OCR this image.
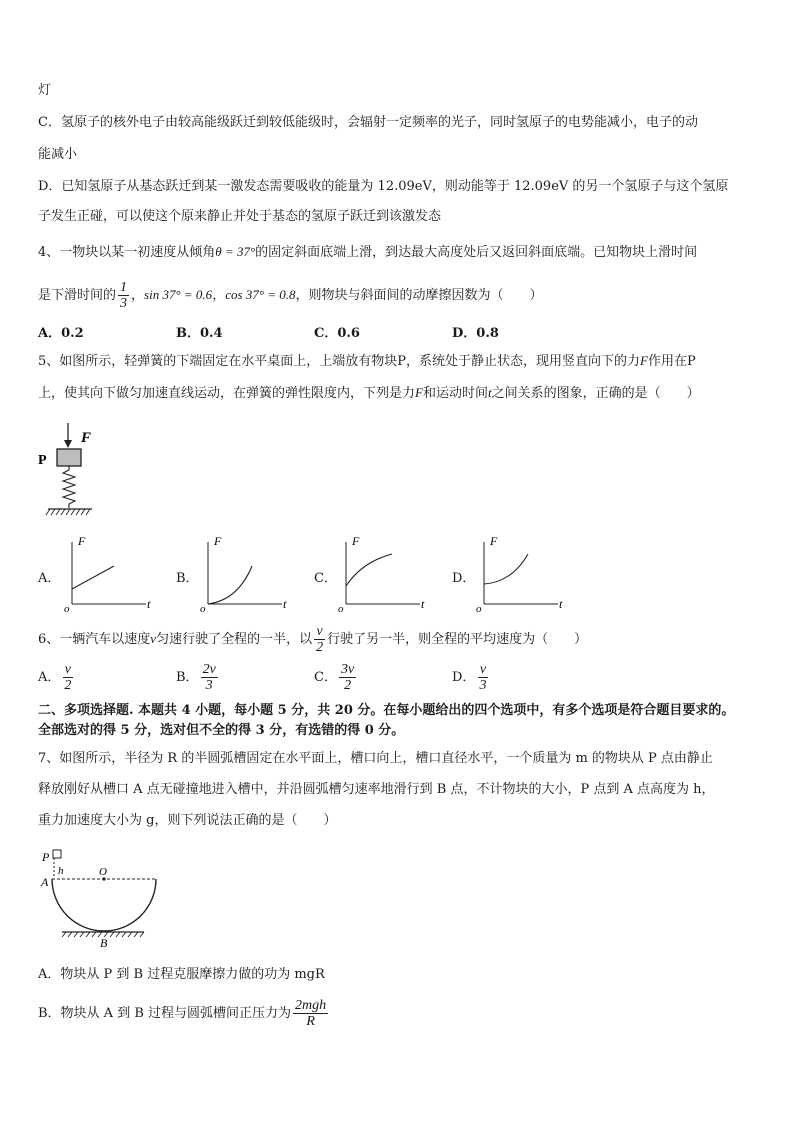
灯
C．氢原子的核外电子由较高能级跃迁到较低能级时，会辐射一定频率的光子，同时氢原子的电势能减小，电子的动
能减小
D．已知氢原子从基态跃迁到某一激发态需要吸收的能量为 12.09eV，则动能等于 12.09eV 的另一个氢原子与这个氢原
子发生正碰，可以使这个原来静止并处于基态的氢原子跃迁到该激发态
4、一物块以某一初速度从倾角θ = 37°的固定斜面底端上滑，到达最大高度处后又返回斜面底端。已知物块上滑时间
是下滑时间的 $\frac{1}{3}$ ，sin 37° = 0.6，cos 37° = 0.8，则物块与斜面间的动摩擦因数为（　　）
A．0.2	B．0.4	C．0.6	D．0.8
5、如图所示，轻弹簧的下端固定在水平桌面上，上端放有物块P，系统处于静止状态，现用竖直向下的力F作用在P
上，使其向下做匀加速直线运动，在弹簧的弹性限度内，下列是力F和运动时间t之间关系的图象，正确的是（　　）
F
P
A．	B．	C．	D．
F
t
o
F
t
o
F
t
o
F
t
o
6、一辆汽车以速度v匀速行驶了全程的一半，以 $\frac{v}{2}$ 行驶了另一半，则全程的平均速度为（　　）
A． $\frac{v}{2}$	B． $\frac{2v}{3}$	C． $\frac{3v}{2}$	D． $\frac{v}{3}$
二、多项选择题. 本题共 4 小题，每小题 5 分，共 20 分。在每小题给出的四个选项中，有多个选项是符合题目要求的。
全部选对的得 5 分，选对但不全的得 3 分，有选错的得 0 分。
7、如图所示，半径为 R 的半圆弧槽固定在水平面上，槽口向上，槽口直径水平，一个质量为 m 的物块从 P 点由静止
释放刚好从槽口 A 点无碰撞地进入槽中，并沿圆弧槽匀速率地滑行到 B 点，不计物块的大小，P 点到 A 点高度为 h，
重力加速度大小为 g，则下列说法正确的是（　　）
P
h
A
O
B
A．物块从 P 到 B 过程克服摩擦力做的功为 mgR
B．物块从 A 到 B 过程与圆弧槽间正压力为 $\frac{\text{2mgh}}{R}$
